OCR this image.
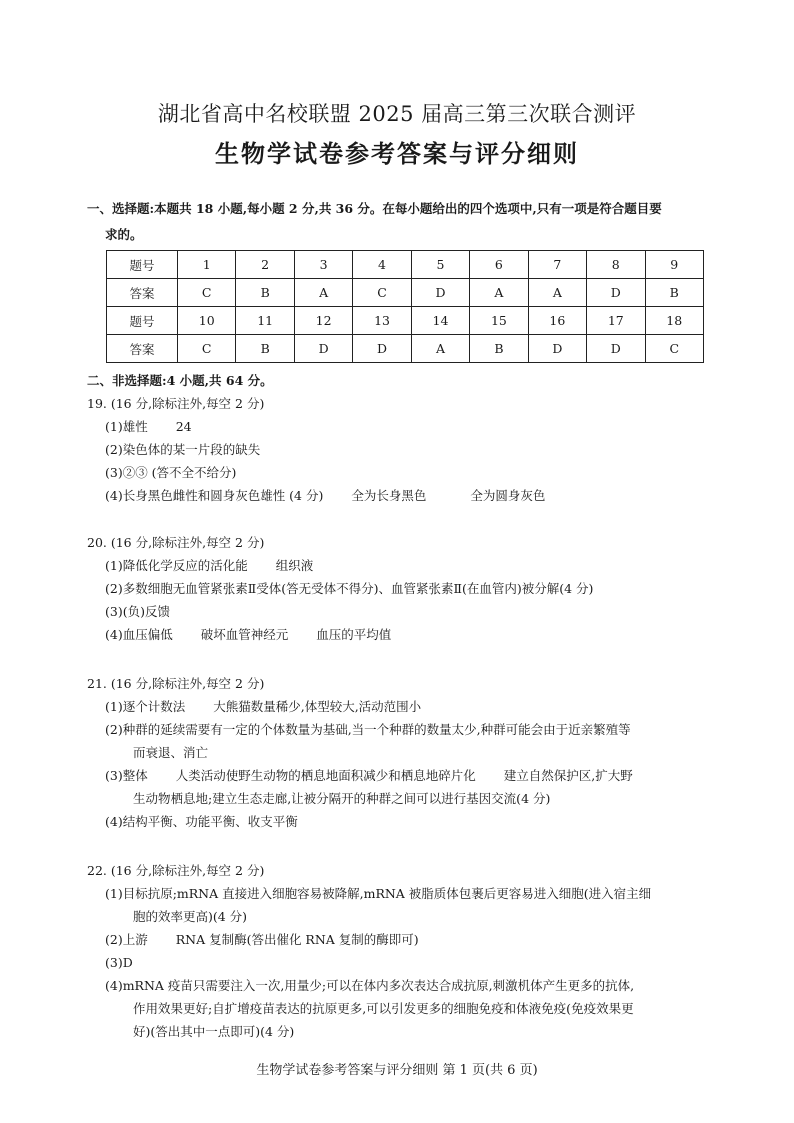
湖北省高中名校联盟 2025 届高三第三次联合测评
生物学试卷参考答案与评分细则
一、选择题:本题共 18 小题,每小题 2 分,共 36 分。在每小题给出的四个选项中,只有一项是符合题目要
求的。
题号	1	2	3	4	5	6	7	8	9
答案	C	B	A	C	D	A	A	D	B
题号	10	11	12	13	14	15	16	17	18
答案	C	B	D	D	A	B	D	D	C
二、非选择题:4 小题,共 64 分。
19. (16 分,除标注外,每空 2 分)
(1)雄性 24
(2)染色体的某一片段的缺失
(3)②③ (答不全不给分)
(4)长身黑色雌性和圆身灰色雄性 (4 分) 全为长身黑色	全为圆身灰色
20. (16 分,除标注外,每空 2 分)
(1)降低化学反应的活化能 组织液
(2)多数细胞无血管紧张素Ⅱ受体(答无受体不得分)、血管紧张素Ⅱ(在血管内)被分解(4 分)
(3)(负)反馈
(4)血压偏低 破坏血管神经元 血压的平均值
21. (16 分,除标注外,每空 2 分)
(1)逐个计数法 大熊猫数量稀少,体型较大,活动范围小
(2)种群的延续需要有一定的个体数量为基础,当一个种群的数量太少,种群可能会由于近亲繁殖等
而衰退、消亡
(3)整体 人类活动使野生动物的栖息地面积减少和栖息地碎片化 建立自然保护区,扩大野
生动物栖息地;建立生态走廊,让被分隔开的种群之间可以进行基因交流(4 分)
(4)结构平衡、功能平衡、收支平衡
22. (16 分,除标注外,每空 2 分)
(1)目标抗原;mRNA 直接进入细胞容易被降解,mRNA 被脂质体包裹后更容易进入细胞(进入宿主细
胞的效率更高)(4 分)
(2)上游 RNA 复制酶(答出催化 RNA 复制的酶即可)
(3)D
(4)mRNA 疫苗只需要注入一次,用量少;可以在体内多次表达合成抗原,刺激机体产生更多的抗体,
作用效果更好;自扩增疫苗表达的抗原更多,可以引发更多的细胞免疫和体液免疫(免疫效果更
好)(答出其中一点即可)(4 分)
生物学试卷参考答案与评分细则 第 1 页(共 6 页)
